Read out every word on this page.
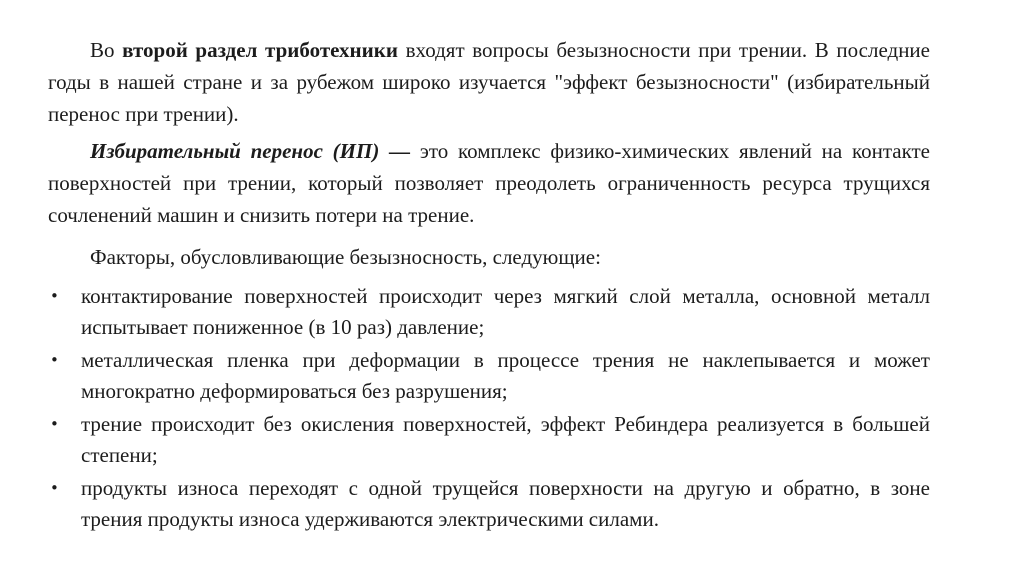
Во второй раздел триботехники входят вопросы безызносности при трении. В последние годы в нашей стране и за рубежом широко изучается "эффект безызносности" (избирательный перенос при трении).

Избирательный перенос (ИП) — это комплекс физико-химических явлений на контакте поверхностей при трении, который позволяет преодолеть ограниченность ресурса трущихся сочленений машин и снизить потери на трение.

Факторы, обусловливающие безызносность, следующие:

•	контактирование поверхностей происходит через мягкий слой металла, основной металл испытывает пониженное (в 10 раз) давление;
•	металлическая пленка при деформации в процессе трения не наклепывается и может многократно деформироваться без разрушения;
•	трение происходит без окисления поверхностей, эффект Ребиндера реализуется в большей степени;
•	продукты износа переходят с одной трущейся поверхности на другую и обратно, в зоне трения продукты износа удерживаются электрическими силами.
